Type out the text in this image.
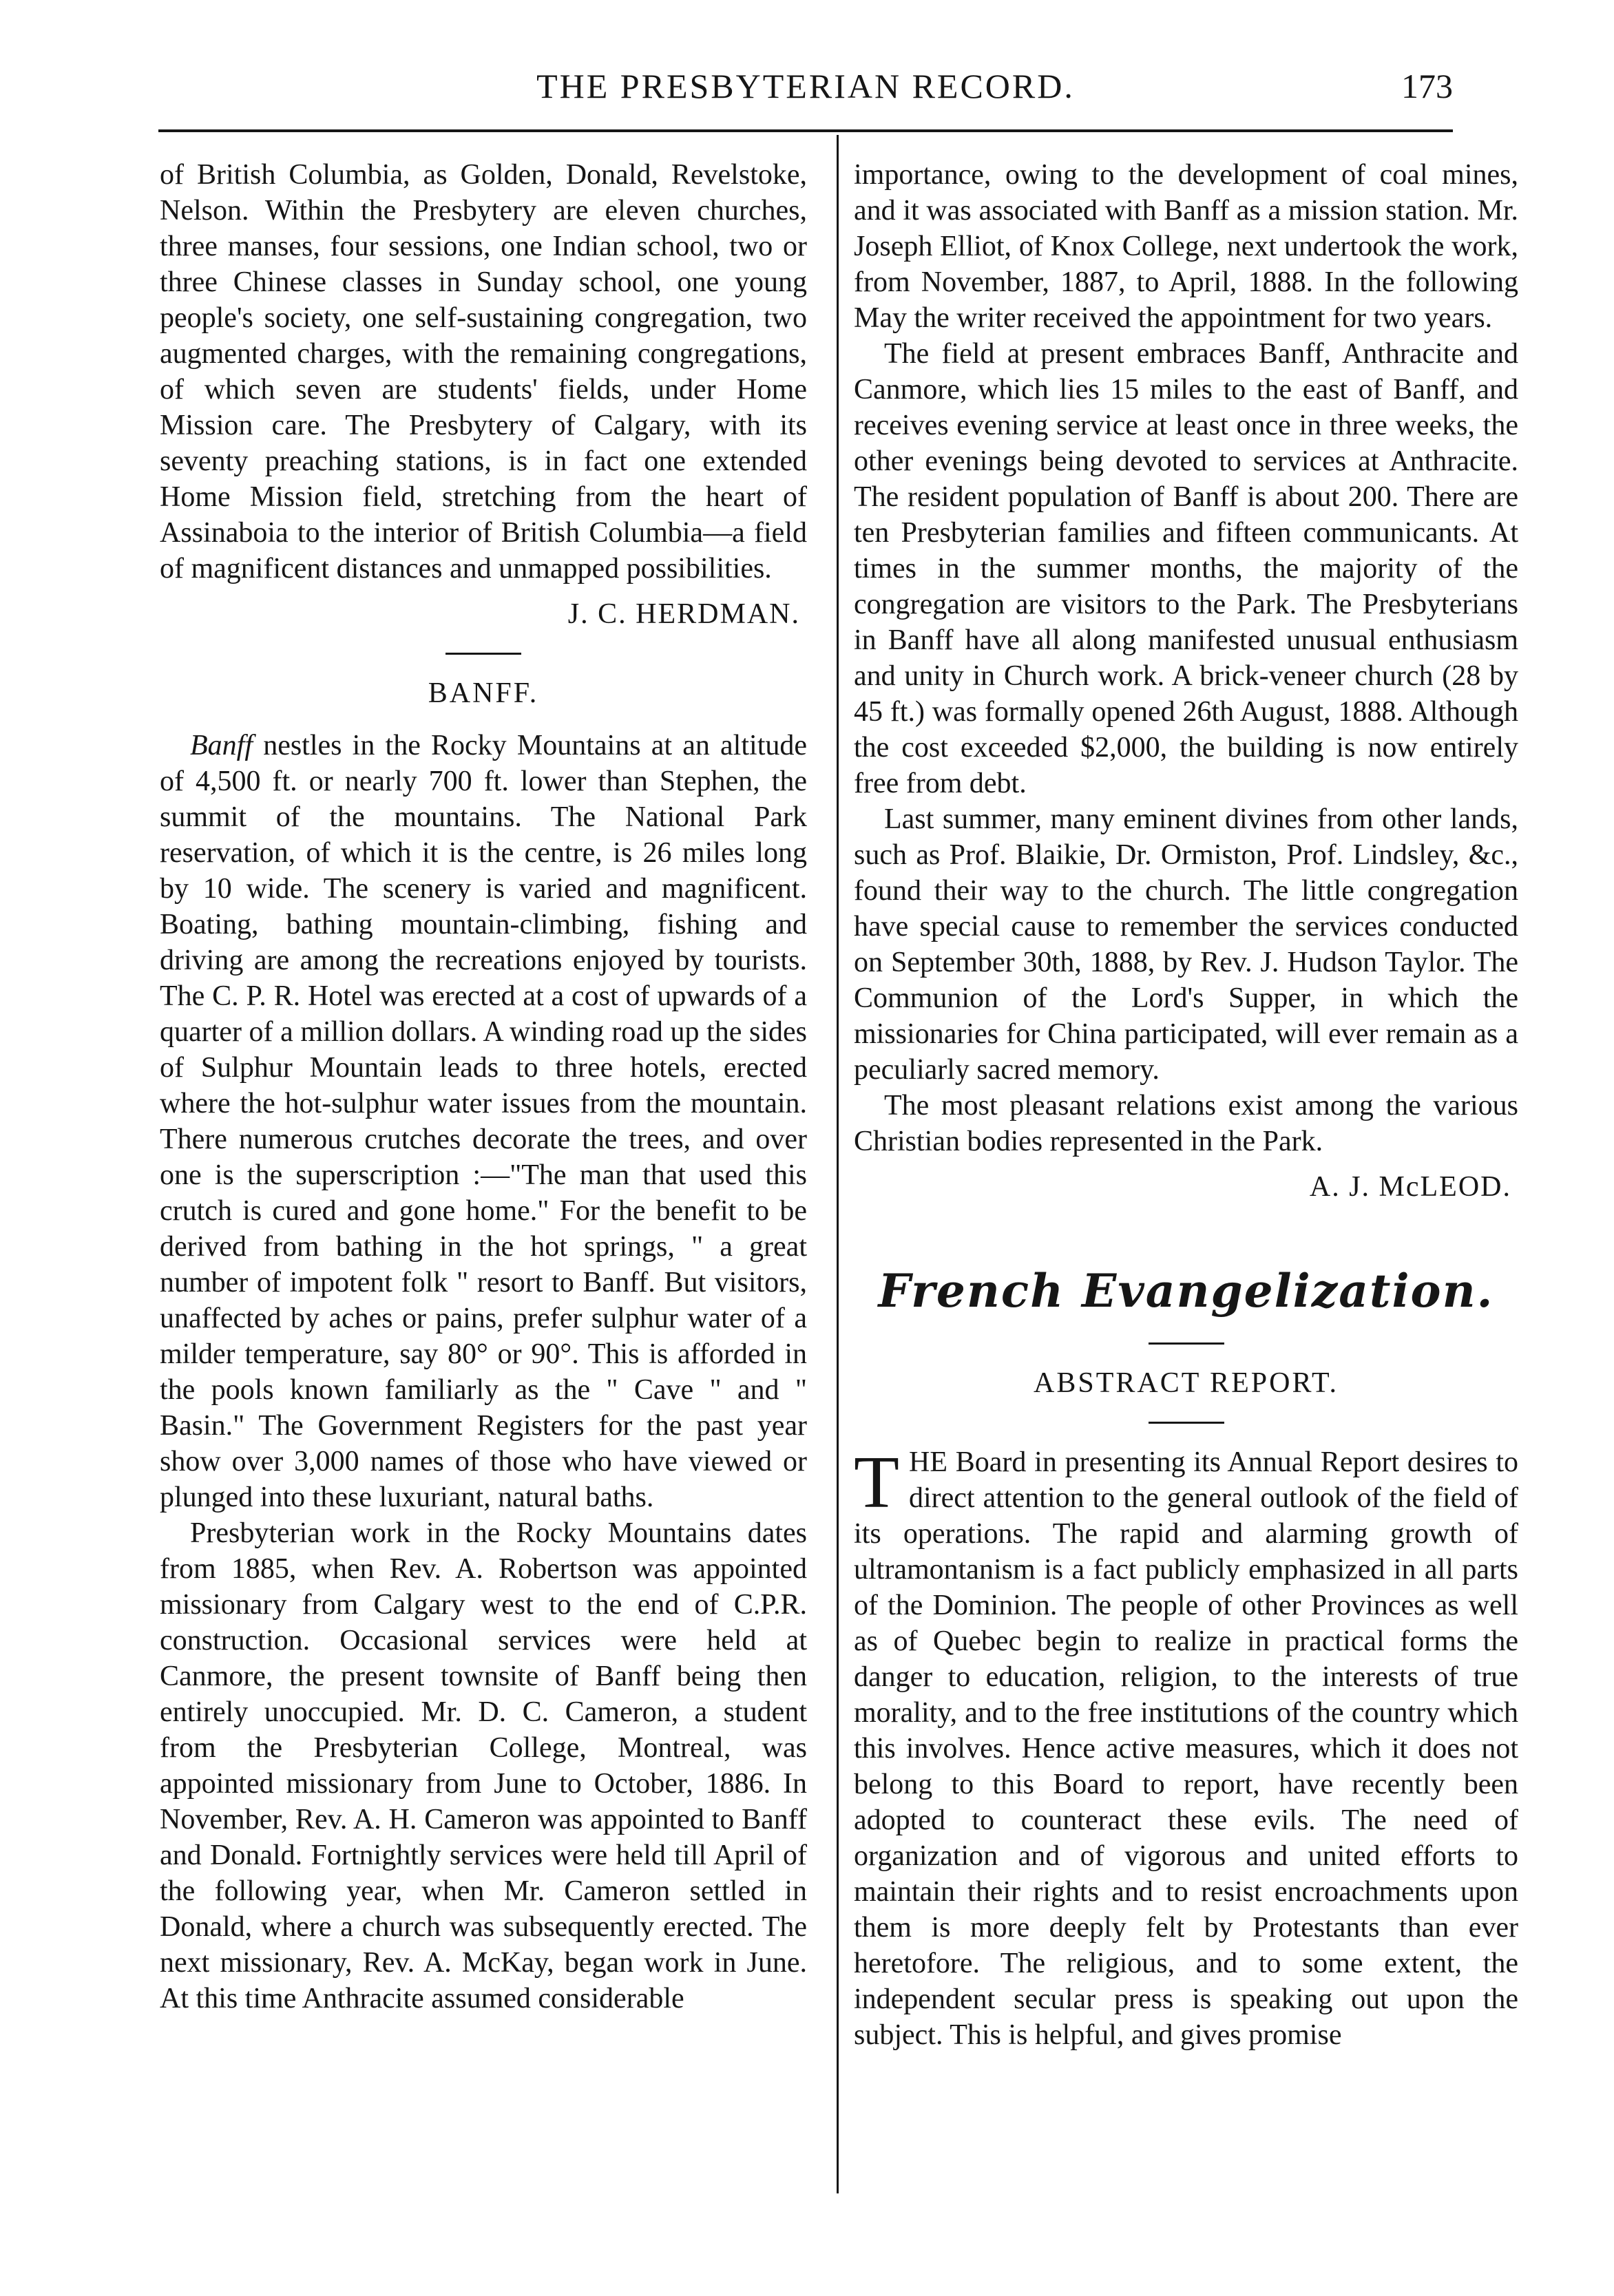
THE PRESBYTERIAN RECORD.	173

of British Columbia, as Golden, Donald, Revelstoke, Nelson. Within the Presbytery are eleven churches, three manses, four sessions, one Indian school, two or three Chinese classes in Sunday school, one young people's society, one self-sustaining congregation, two augmented charges, with the remaining congregations, of which seven are students' fields, under Home Mission care. The Presbytery of Calgary, with its seventy preaching stations, is in fact one extended Home Mission field, stretching from the heart of Assinaboia to the interior of British Columbia—a field of magnificent distances and unmapped possibilities.

J. C. HERDMAN.
BANFF.

Banff nestles in the Rocky Mountains at an altitude of 4,500 ft. or nearly 700 ft. lower than Stephen, the summit of the mountains. The National Park reservation, of which it is the centre, is 26 miles long by 10 wide. The scenery is varied and magnificent. Boating, bathing mountain-climbing, fishing and driving are among the recreations enjoyed by tourists. The C. P. R. Hotel was erected at a cost of upwards of a quarter of a million dollars. A winding road up the sides of Sulphur Mountain leads to three hotels, erected where the hot-sulphur water issues from the mountain. There numerous crutches decorate the trees, and over one is the superscription :—"The man that used this crutch is cured and gone home." For the benefit to be derived from bathing in the hot springs, " a great number of impotent folk " resort to Banff. But visitors, unaffected by aches or pains, prefer sulphur water of a milder temperature, say 80° or 90°. This is afforded in the pools known familiarly as the " Cave " and " Basin." The Government Registers for the past year show over 3,000 names of those who have viewed or plunged into these luxuriant, natural baths.

Presbyterian work in the Rocky Mountains dates from 1885, when Rev. A. Robertson was appointed missionary from Calgary west to the end of C.P.R. construction. Occasional services were held at Canmore, the present townsite of Banff being then entirely unoccupied. Mr. D. C. Cameron, a student from the Presbyterian College, Montreal, was appointed missionary from June to October, 1886. In November, Rev. A. H. Cameron was appointed to Banff and Donald. Fortnightly services were held till April of the following year, when Mr. Cameron settled in Donald, where a church was subsequently erected. The next missionary, Rev. A. McKay, began work in June. At this time Anthracite assumed considerable

importance, owing to the development of coal mines, and it was associated with Banff as a mission station. Mr. Joseph Elliot, of Knox College, next undertook the work, from November, 1887, to April, 1888. In the following May the writer received the appointment for two years.

The field at present embraces Banff, Anthracite and Canmore, which lies 15 miles to the east of Banff, and receives evening service at least once in three weeks, the other evenings being devoted to services at Anthracite. The resident population of Banff is about 200. There are ten Presbyterian families and fifteen communicants. At times in the summer months, the majority of the congregation are visitors to the Park. The Presbyterians in Banff have all along manifested unusual enthusiasm and unity in Church work. A brick-veneer church (28 by 45 ft.) was formally opened 26th August, 1888. Although the cost exceeded $2,000, the building is now entirely free from debt.

Last summer, many eminent divines from other lands, such as Prof. Blaikie, Dr. Ormiston, Prof. Lindsley, &c., found their way to the church. The little congregation have special cause to remember the services conducted on September 30th, 1888, by Rev. J. Hudson Taylor. The Communion of the Lord's Supper, in which the missionaries for China participated, will ever remain as a peculiarly sacred memory.

The most pleasant relations exist among the various Christian bodies represented in the Park.

A. J. McLEOD.
French Evangelization.
ABSTRACT REPORT.

THE Board in presenting its Annual Report desires to direct attention to the general outlook of the field of its operations. The rapid and alarming growth of ultramontanism is a fact publicly emphasized in all parts of the Dominion. The people of other Provinces as well as of Quebec begin to realize in practical forms the danger to education, religion, to the interests of true morality, and to the free institutions of the country which this involves. Hence active measures, which it does not belong to this Board to report, have recently been adopted to counteract these evils. The need of organization and of vigorous and united efforts to maintain their rights and to resist encroachments upon them is more deeply felt by Protestants than ever heretofore. The religious, and to some extent, the independent secular press is speaking out upon the subject. This is helpful, and gives promise
